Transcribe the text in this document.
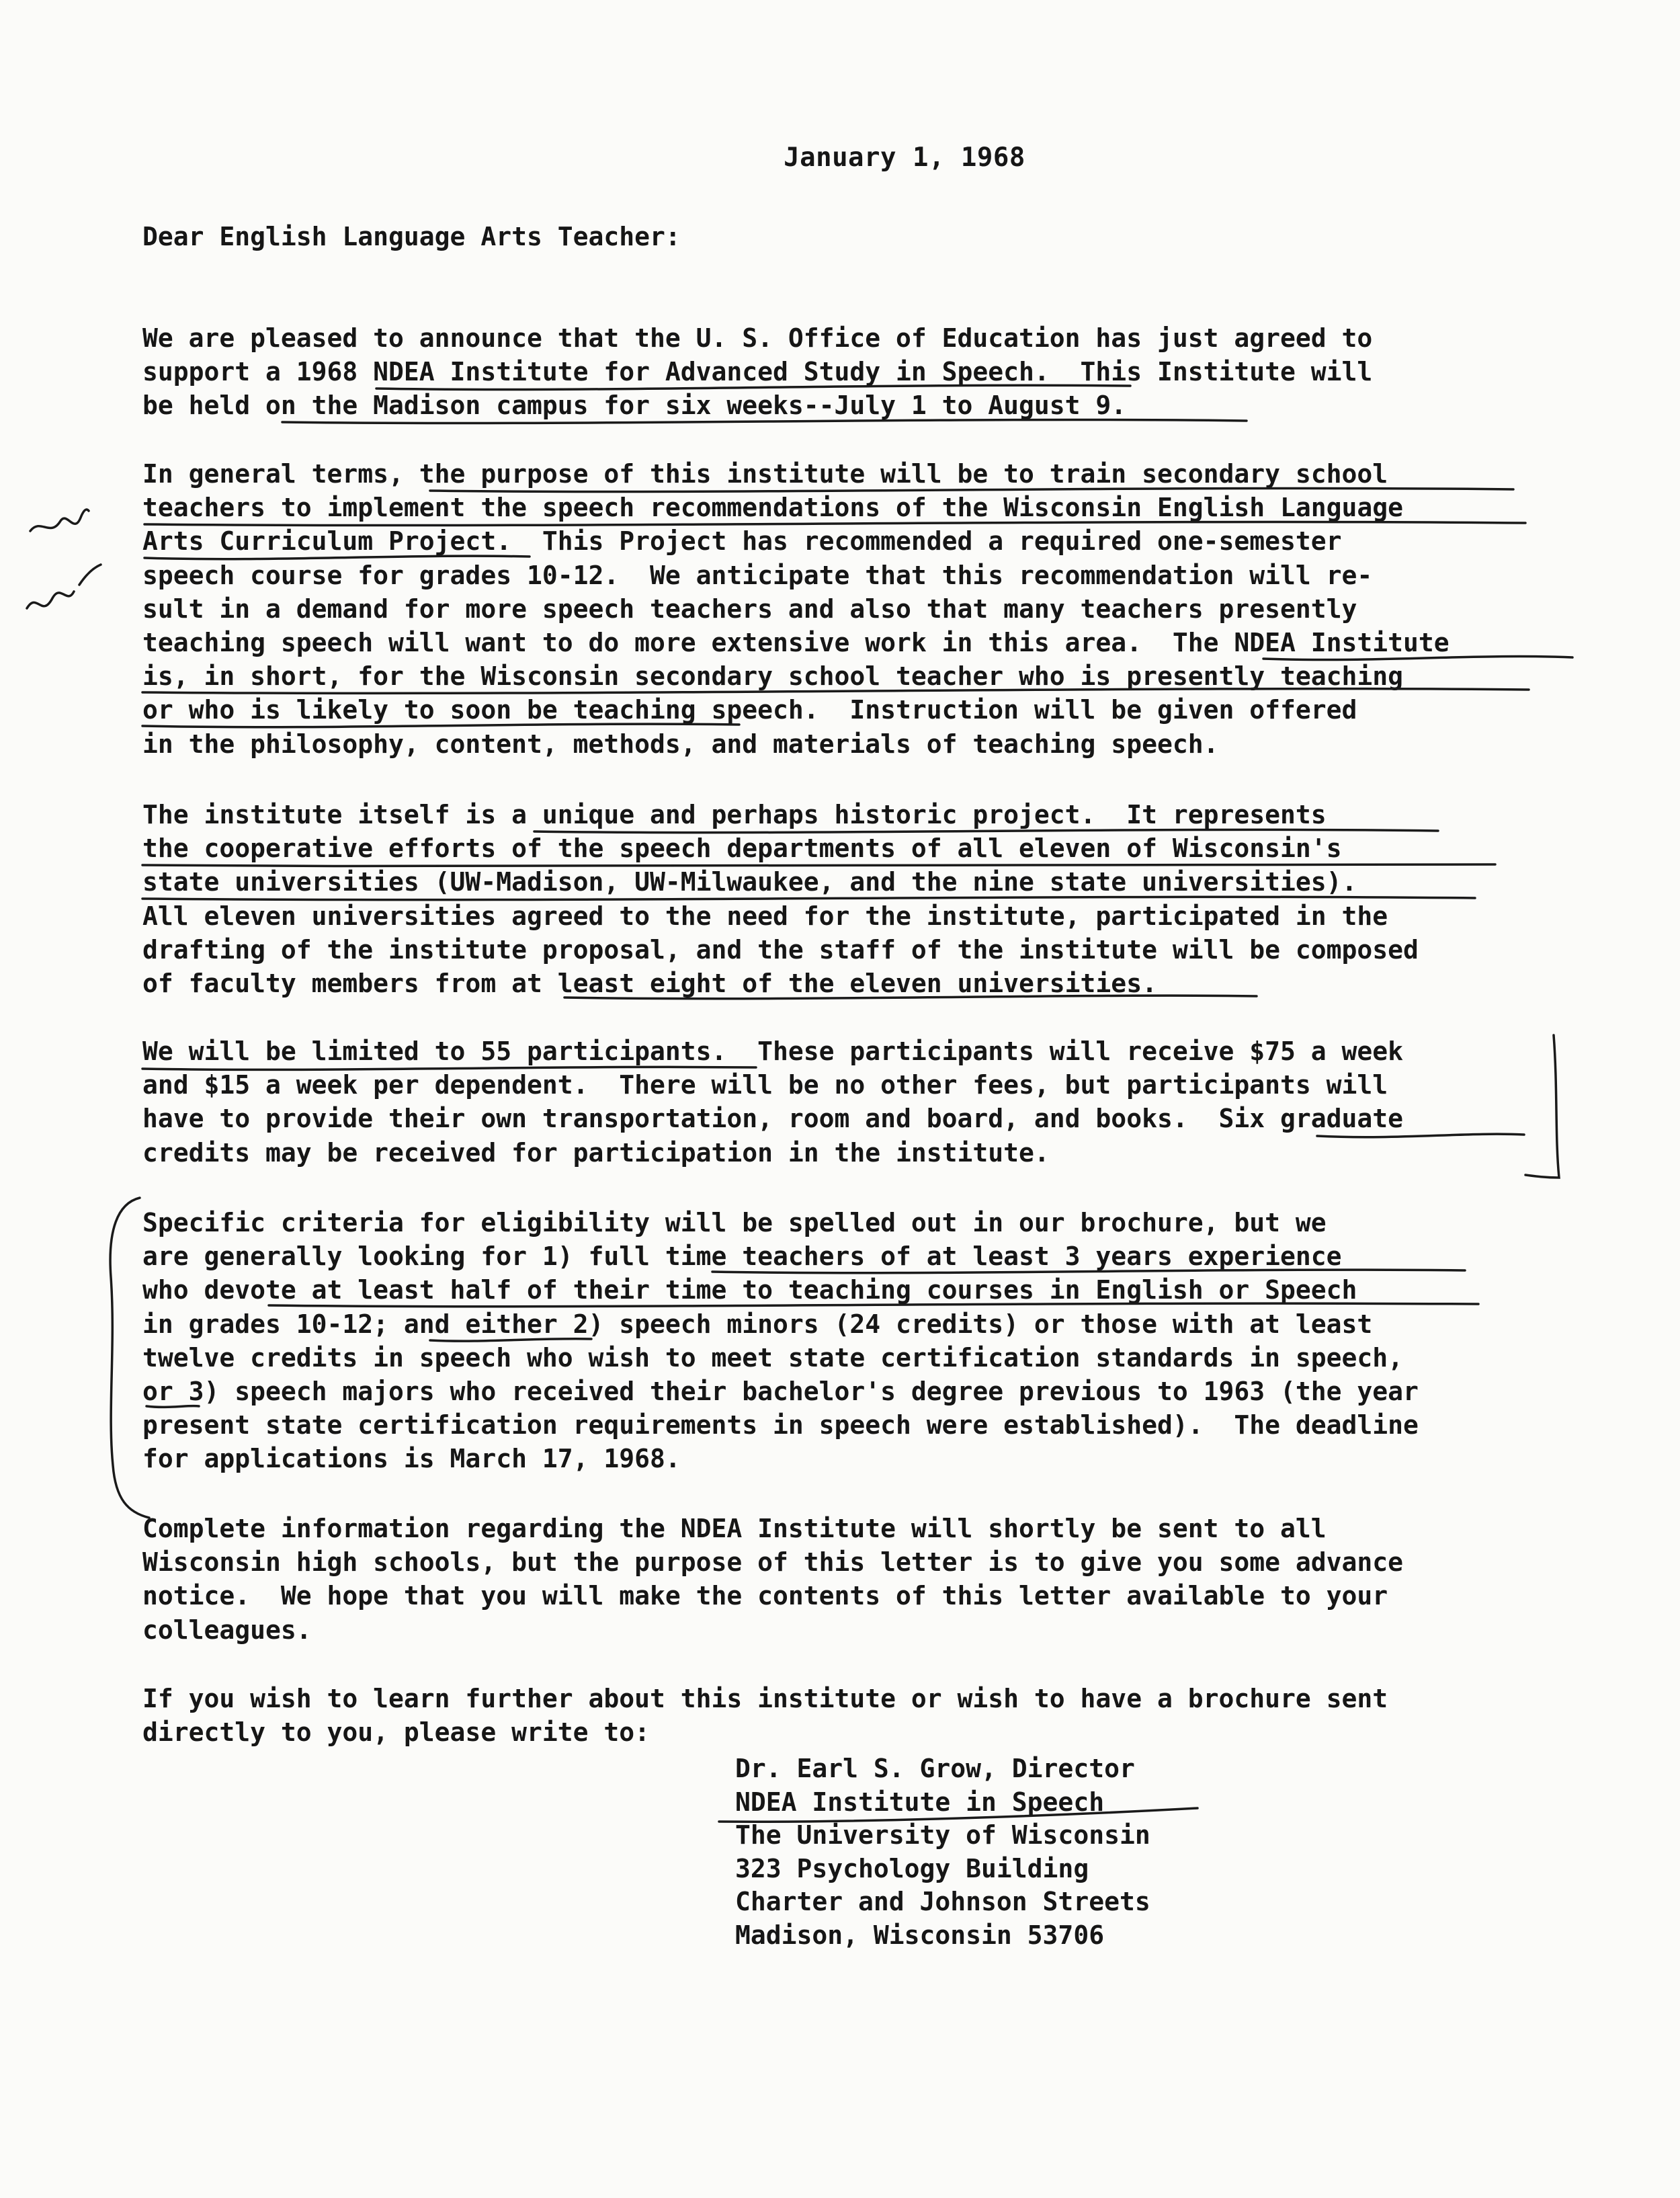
January 1, 1968
Dear English Language Arts Teacher:
We are pleased to announce that the U. S. Office of Education has just agreed to
support a 1968 NDEA Institute for Advanced Study in Speech.  This Institute will
be held on the Madison campus for six weeks--July 1 to August 9.
In general terms, the purpose of this institute will be to train secondary school
teachers to implement the speech recommendations of the Wisconsin English Language
Arts Curriculum Project.  This Project has recommended a required one-semester
speech course for grades 10-12.  We anticipate that this recommendation will re-
sult in a demand for more speech teachers and also that many teachers presently
teaching speech will want to do more extensive work in this area.  The NDEA Institute
is, in short, for the Wisconsin secondary school teacher who is presently teaching
or who is likely to soon be teaching speech.  Instruction will be given offered
in the philosophy, content, methods, and materials of teaching speech.
The institute itself is a unique and perhaps historic project.  It represents
the cooperative efforts of the speech departments of all eleven of Wisconsin's
state universities (UW-Madison, UW-Milwaukee, and the nine state universities).
All eleven universities agreed to the need for the institute, participated in the
drafting of the institute proposal, and the staff of the institute will be composed
of faculty members from at least eight of the eleven universities.
We will be limited to 55 participants.  These participants will receive $75 a week
and $15 a week per dependent.  There will be no other fees, but participants will
have to provide their own transportation, room and board, and books.  Six graduate
credits may be received for participation in the institute.
Specific criteria for eligibility will be spelled out in our brochure, but we
are generally looking for 1) full time teachers of at least 3 years experience
who devote at least half of their time to teaching courses in English or Speech
in grades 10-12; and either 2) speech minors (24 credits) or those with at least
twelve credits in speech who wish to meet state certification standards in speech,
or 3) speech majors who received their bachelor's degree previous to 1963 (the year
present state certification requirements in speech were established).  The deadline
for applications is March 17, 1968.
Complete information regarding the NDEA Institute will shortly be sent to all
Wisconsin high schools, but the purpose of this letter is to give you some advance
notice.  We hope that you will make the contents of this letter available to your
colleagues.
If you wish to learn further about this institute or wish to have a brochure sent
directly to you, please write to:
Dr. Earl S. Grow, Director
NDEA Institute in Speech
The University of Wisconsin
323 Psychology Building
Charter and Johnson Streets
Madison, Wisconsin 53706
